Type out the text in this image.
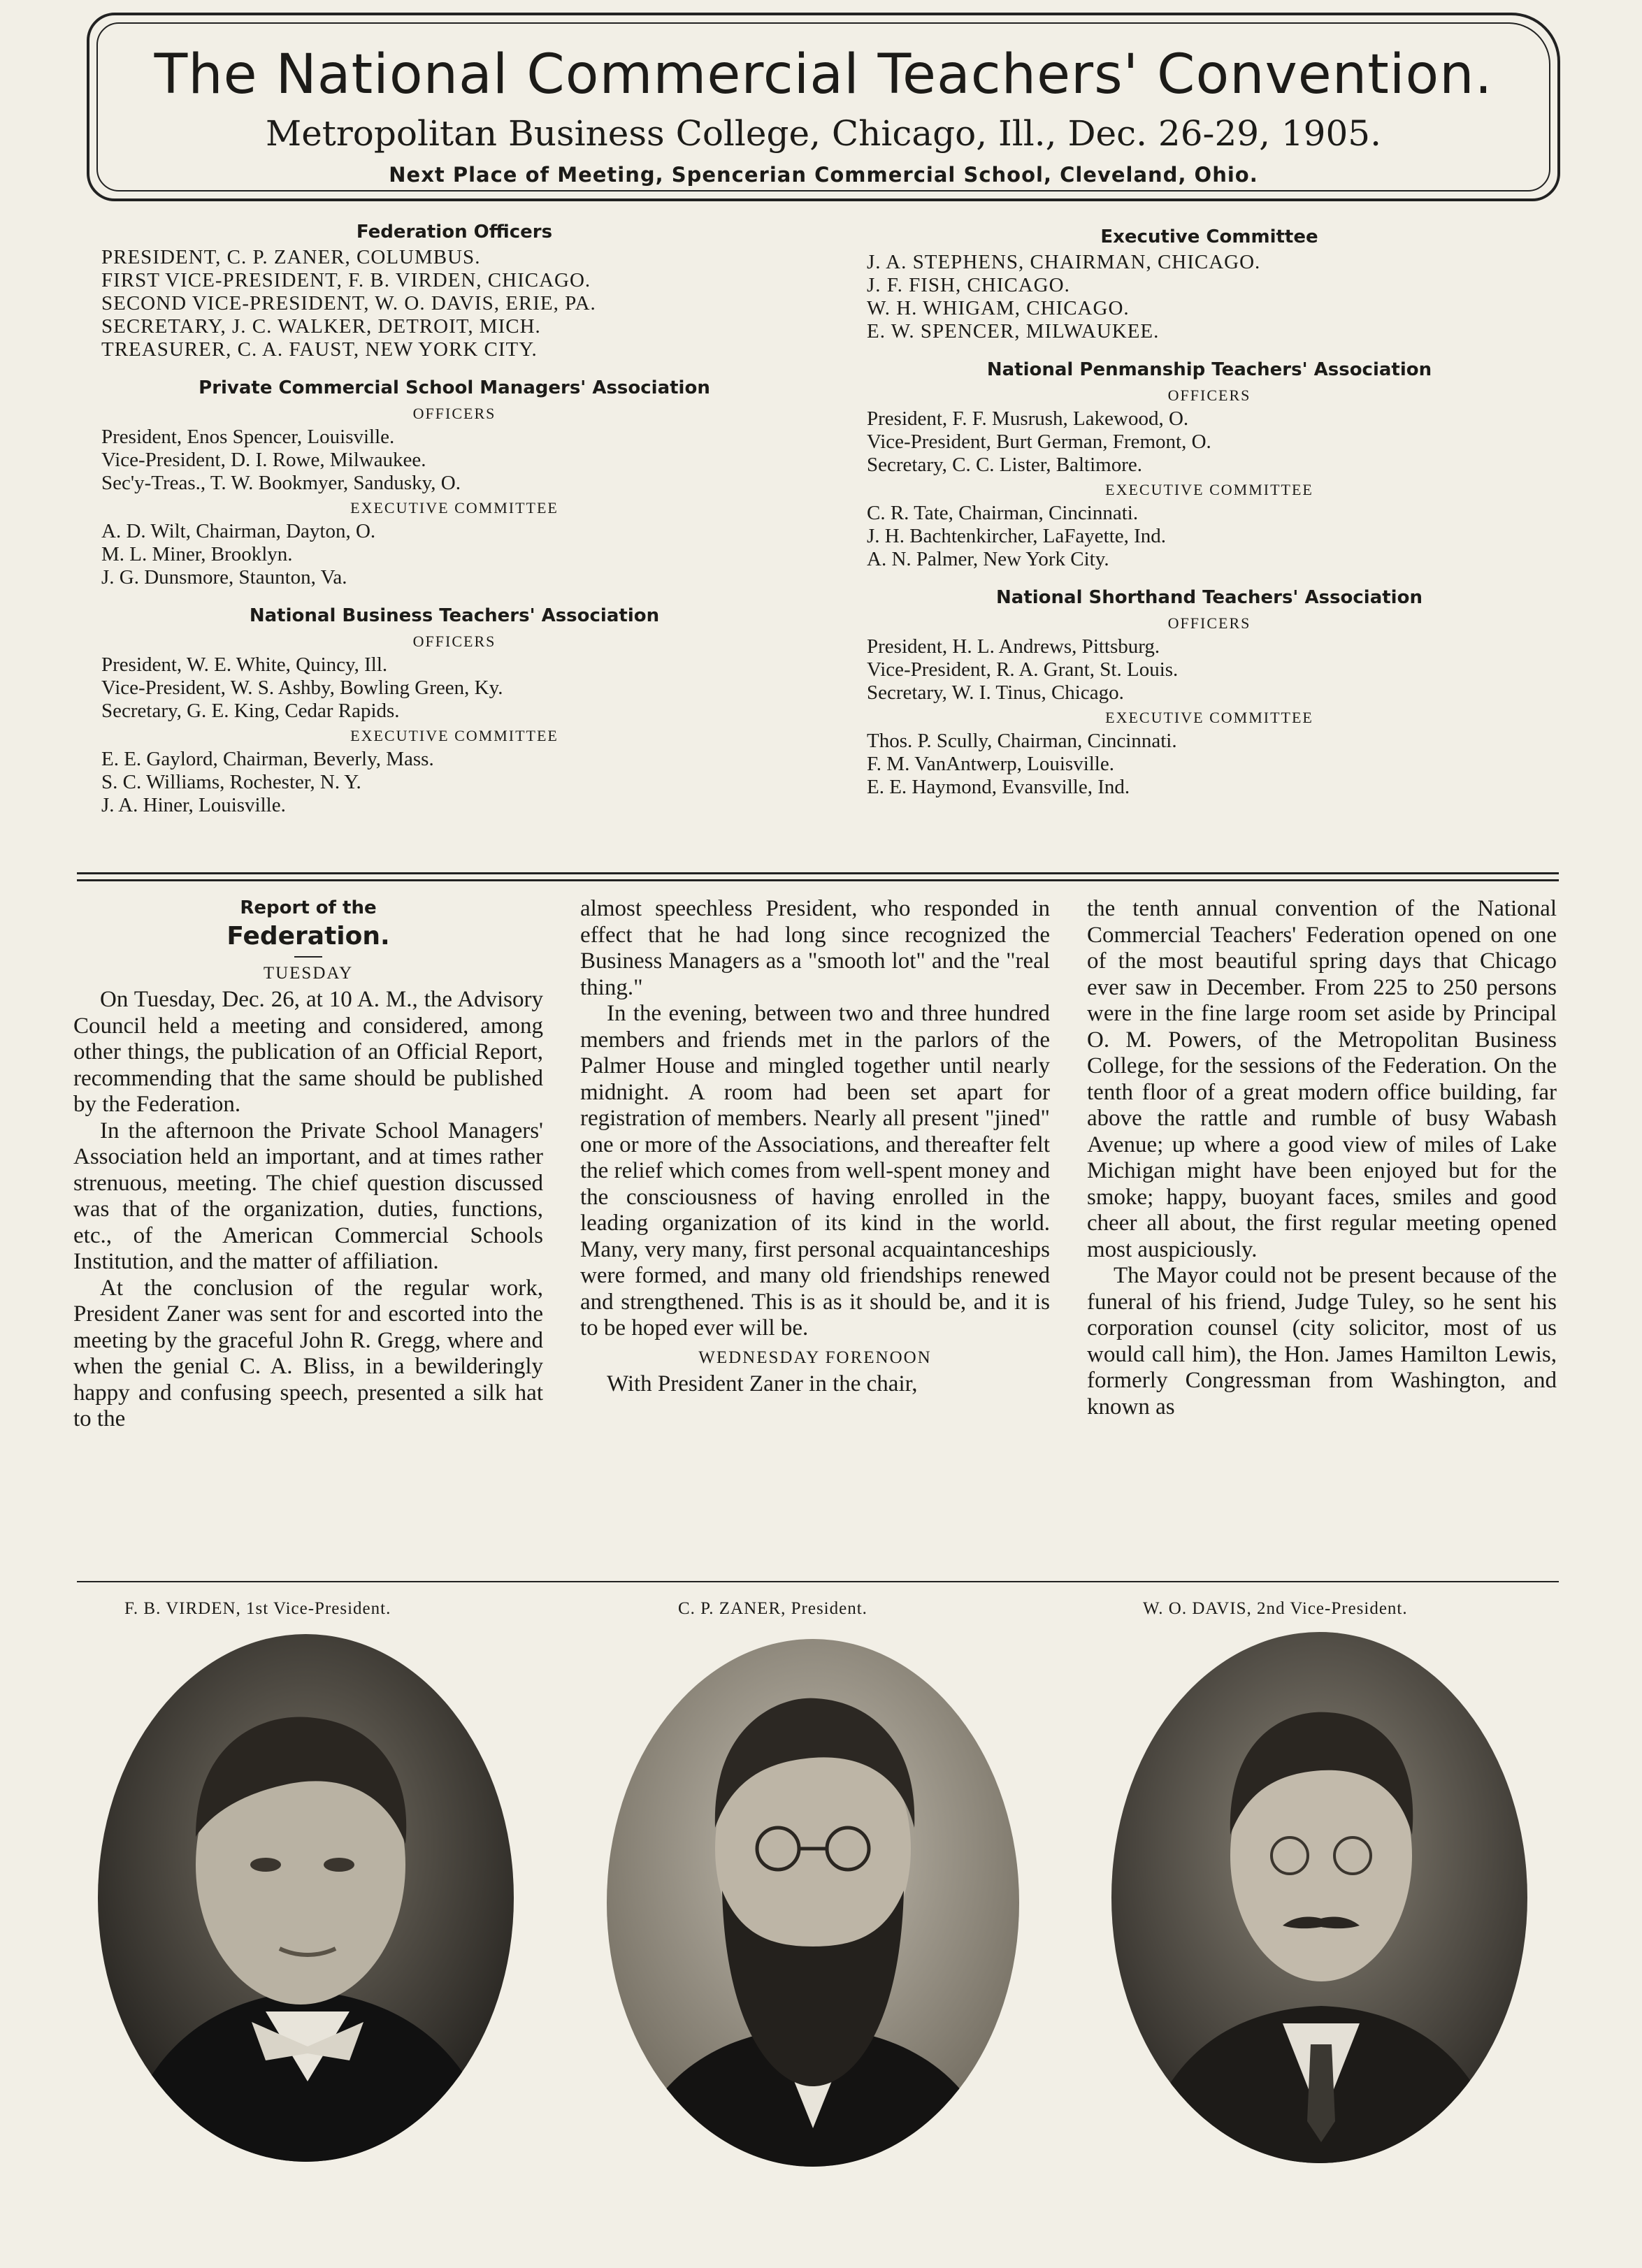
The National Commercial Teachers' Convention.
Metropolitan Business College, Chicago, Ill., Dec. 26-29, 1905.
Next Place of Meeting, Spencerian Commercial School, Cleveland, Ohio.
Federation Officers
PRESIDENT, C. P. ZANER, COLUMBUS.
FIRST VICE-PRESIDENT, F. B. VIRDEN, CHICAGO.
SECOND VICE-PRESIDENT, W. O. DAVIS, ERIE, PA.
SECRETARY, J. C. WALKER, DETROIT, MICH.
TREASURER, C. A. FAUST, NEW YORK CITY.
Private Commercial School Managers' Association
OFFICERS
President, Enos Spencer, Louisville.
Vice-President, D. I. Rowe, Milwaukee.
Sec'y-Treas., T. W. Bookmyer, Sandusky, O.
EXECUTIVE COMMITTEE
A. D. Wilt, Chairman, Dayton, O.
M. L. Miner, Brooklyn.
J. G. Dunsmore, Staunton, Va.
National Business Teachers' Association
OFFICERS
President, W. E. White, Quincy, Ill.
Vice-President, W. S. Ashby, Bowling Green, Ky.
Secretary, G. E. King, Cedar Rapids.
EXECUTIVE COMMITTEE
E. E. Gaylord, Chairman, Beverly, Mass.
S. C. Williams, Rochester, N. Y.
J. A. Hiner, Louisville.
Executive Committee
J. A. STEPHENS, CHAIRMAN, CHICAGO.
J. F. FISH, CHICAGO.
W. H. WHIGAM, CHICAGO.
E. W. SPENCER, MILWAUKEE.
National Penmanship Teachers' Association
OFFICERS
President, F. F. Musrush, Lakewood, O.
Vice-President, Burt German, Fremont, O.
Secretary, C. C. Lister, Baltimore.
EXECUTIVE COMMITTEE
C. R. Tate, Chairman, Cincinnati.
J. H. Bachtenkircher, LaFayette, Ind.
A. N. Palmer, New York City.
National Shorthand Teachers' Association
OFFICERS
President, H. L. Andrews, Pittsburg.
Vice-President, R. A. Grant, St. Louis.
Secretary, W. I. Tinus, Chicago.
EXECUTIVE COMMITTEE
Thos. P. Scully, Chairman, Cincinnati.
F. M. VanAntwerp, Louisville.
E. E. Haymond, Evansville, Ind.
Report of the
Federation.
TUESDAY

On Tuesday, Dec. 26, at 10 A. M., the Advisory Council held a meeting and considered, among other things, the publication of an Official Report, recommending that the same should be published by the Federation.

In the afternoon the Private School Managers' Association held an important, and at times rather strenuous, meeting. The chief question discussed was that of the organization, duties, functions, etc., of the American Commercial Schools Institution, and the matter of affiliation.

At the conclusion of the regular work, President Zaner was sent for and escorted into the meeting by the graceful John R. Gregg, where and when the genial C. A. Bliss, in a bewilderingly happy and confusing speech, presented a silk hat to the

almost speechless President, who responded in effect that he had long since recognized the Business Managers as a "smooth lot" and the "real thing."

In the evening, between two and three hundred members and friends met in the parlors of the Palmer House and mingled together until nearly midnight. A room had been set apart for registration of members. Nearly all present "jined" one or more of the Associations, and thereafter felt the relief which comes from well-spent money and the consciousness of having enrolled in the leading organization of its kind in the world. Many, very many, first personal acquaintanceships were formed, and many old friendships renewed and strengthened. This is as it should be, and it is to be hoped ever will be.

WEDNESDAY FORENOON

With President Zaner in the chair,

the tenth annual convention of the National Commercial Teachers' Federation opened on one of the most beautiful spring days that Chicago ever saw in December. From 225 to 250 persons were in the fine large room set aside by Principal O. M. Powers, of the Metropolitan Business College, for the sessions of the Federation. On the tenth floor of a great modern office building, far above the rattle and rumble of busy Wabash Avenue; up where a good view of miles of Lake Michigan might have been enjoyed but for the smoke; happy, buoyant faces, smiles and good cheer all about, the first regular meeting opened most auspiciously.

The Mayor could not be present because of the funeral of his friend, Judge Tuley, so he sent his corporation counsel (city solicitor, most of us would call him), the Hon. James Hamilton Lewis, formerly Congressman from Washington, and known as

F. B. VIRDEN, 1st Vice-President.	C. P. ZANER, President.	W. O. DAVIS, 2nd Vice-President.
